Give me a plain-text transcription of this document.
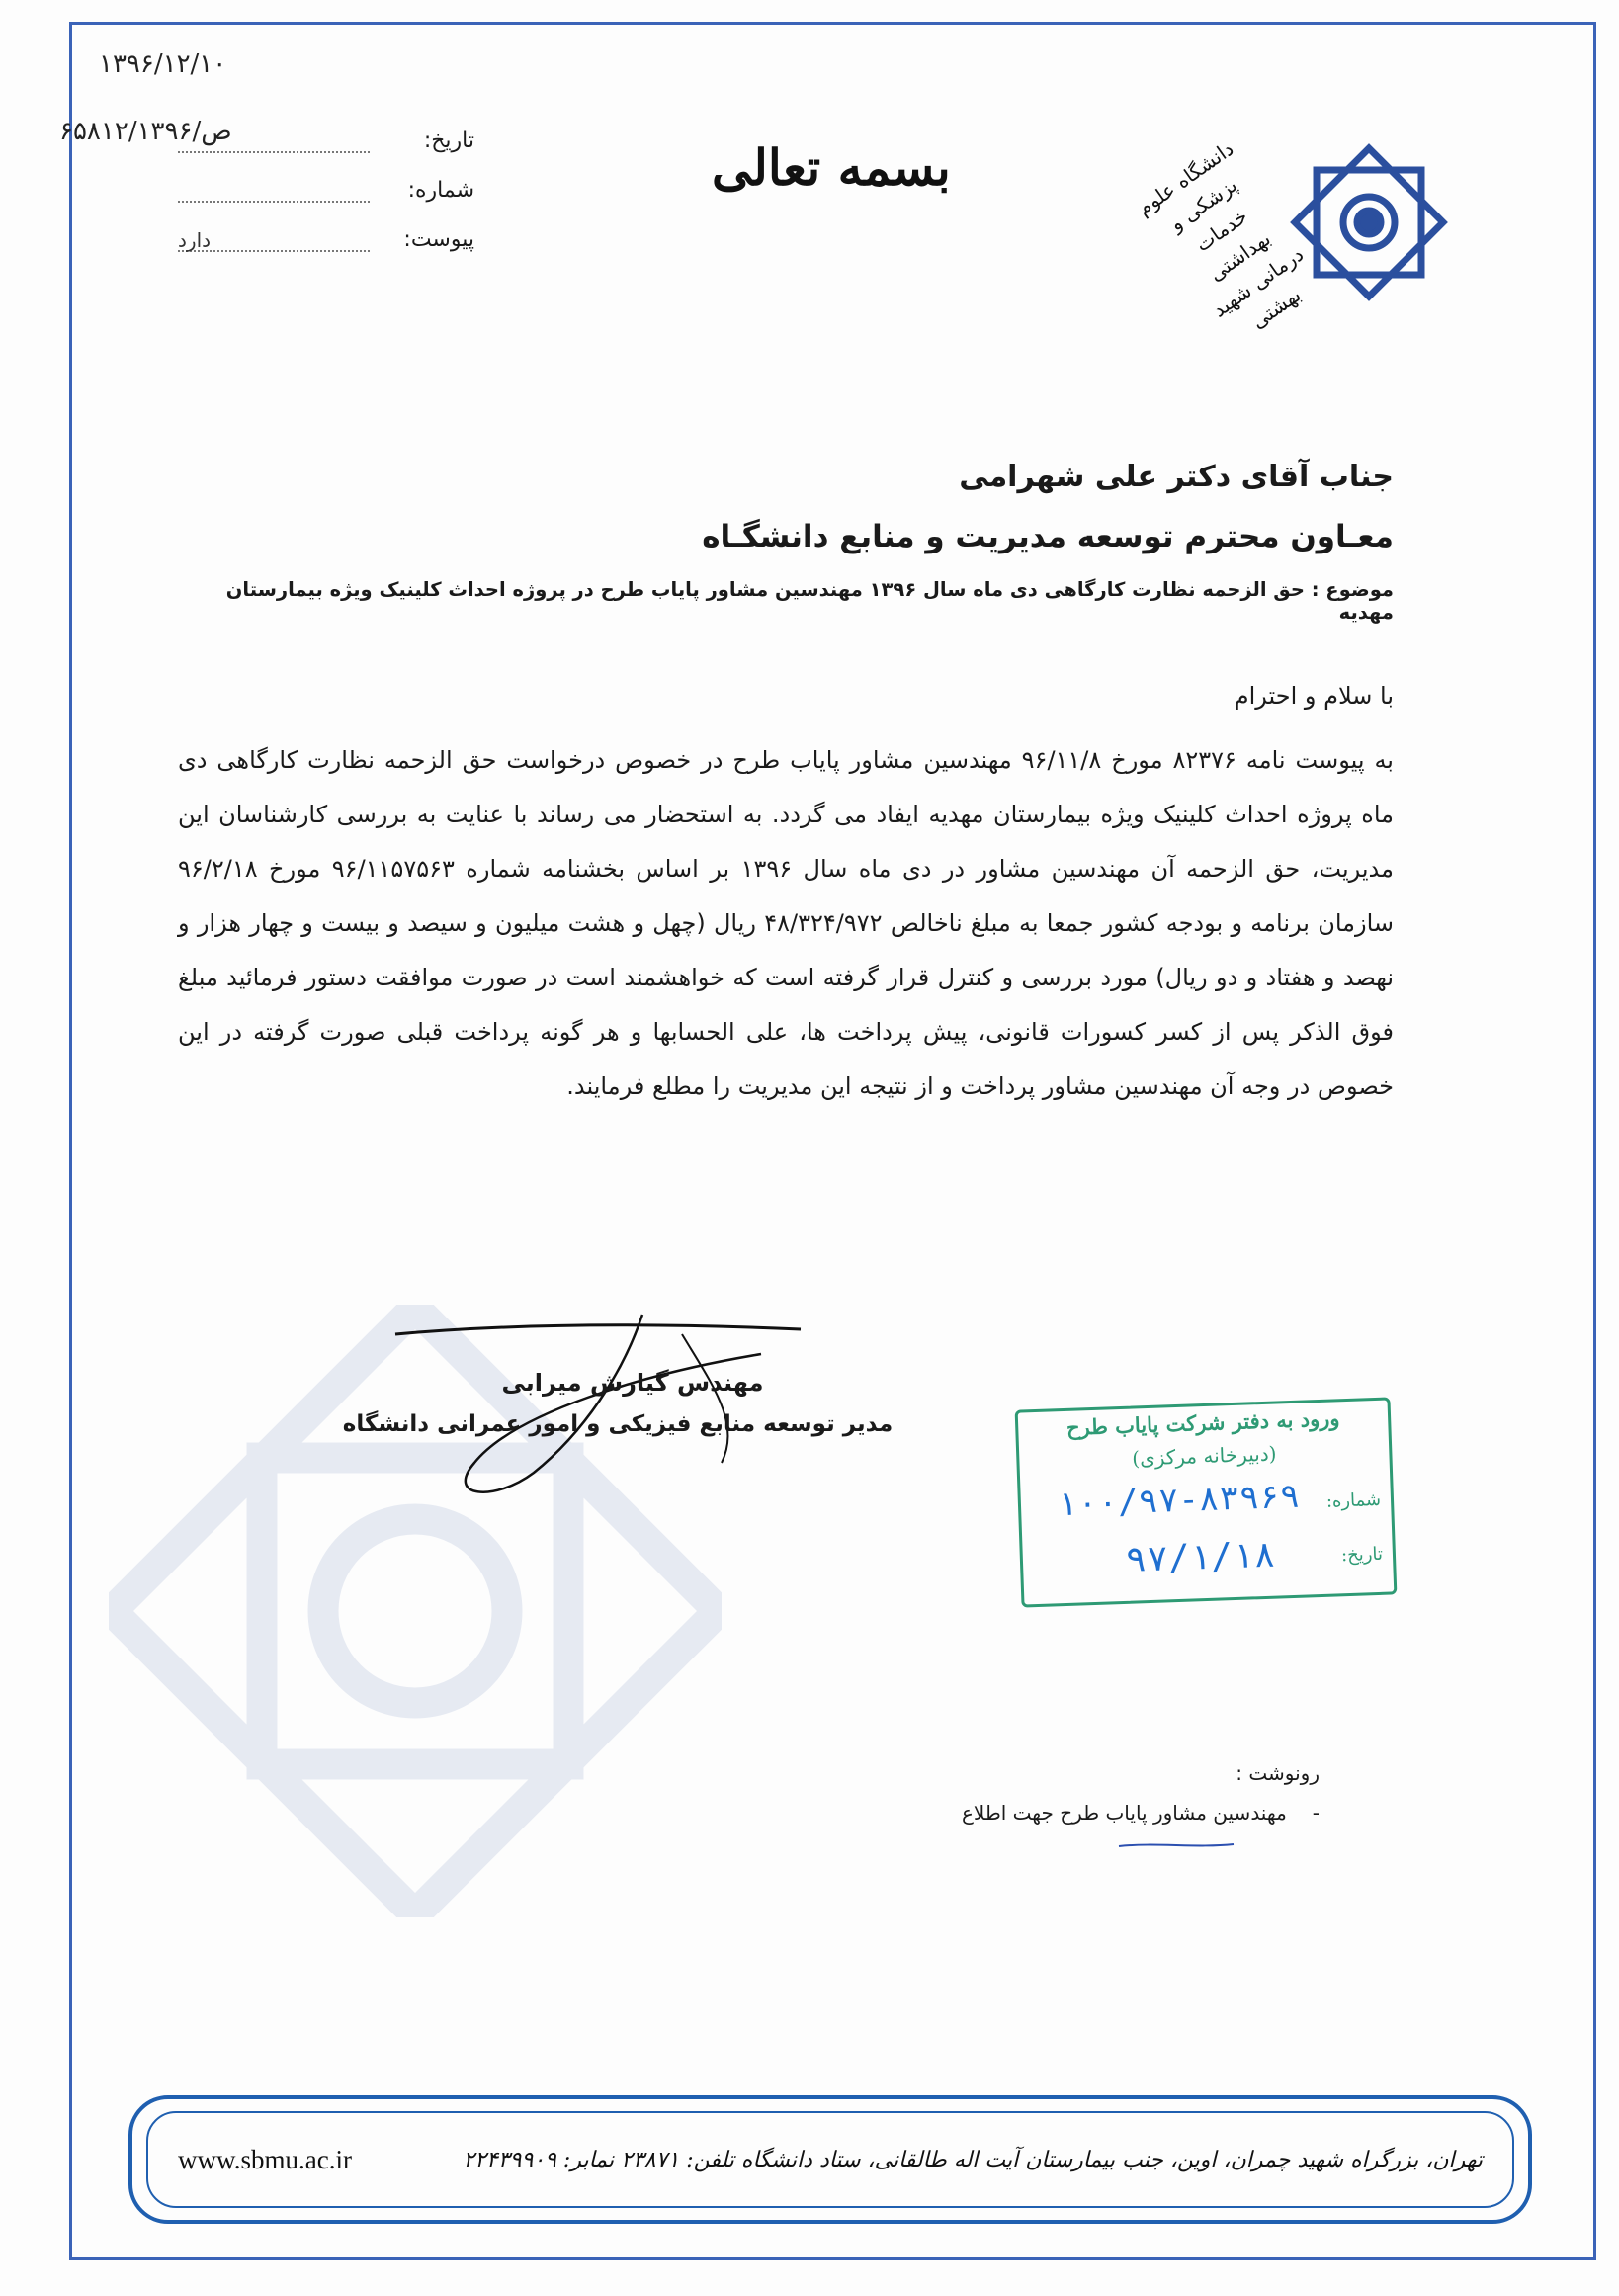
۱۳۹۶/۱۲/۱۰
۶۵۸۱۲/ص/۱۳۹۶	تاریخ:
شماره:
پیوست:
دارد
بسمه تعالی	دانشگاه علوم پزشکی و خدمات بهداشتی درمانی شهید بهشتی
جناب آقای دکتر علی شهرامی
معـاون محترم توسعه مدیریت و منابع دانشگـاه
موضوع : حق الزحمه نظارت کارگاهی دی ماه سال ۱۳۹۶ مهندسین مشاور پایاب طرح در پروژه احداث کلینیک ویژه بیمارستان مهدیه
با سلام و احترام
به پیوست نامه ۸۲۳۷۶ مورخ ۹۶/۱۱/۸ مهندسین مشاور پایاب طرح در خصوص درخواست حق الزحمه نظارت کارگاهی دی ماه پروژه احداث کلینیک ویژه بیمارستان مهدیه ایفاد می گردد. به استحضار می رساند با عنایت به بررسی کارشناسان این مدیریت، حق الزحمه آن مهندسین مشاور در دی ماه سال ۱۳۹۶ بر اساس بخشنامه شماره ۹۶/۱۱۵۷۵۶۳ مورخ ۹۶/۲/۱۸ سازمان برنامه و بودجه کشور جمعا به مبلغ ناخالص ۴۸/۳۲۴/۹۷۲ ریال (چهل و هشت میلیون و سیصد و بیست و چهار هزار و نهصد و هفتاد و دو ریال) مورد بررسی و کنترل قرار گرفته است که خواهشمند است در صورت موافقت دستور فرمائید مبلغ فوق الذکر پس از کسر کسورات قانونی، پیش پرداخت ها، علی الحسابها و هر گونه پرداخت قبلی صورت گرفته در این خصوص در وجه آن مهندسین مشاور پرداخت و از نتیجه این مدیریت را مطلع فرمایند.
مهندس گیارش میرابی
مدیر توسعه منابع فیزیکی و امور عمرانی دانشگاه	ورود به دفتر شرکت پایاب طرح
(دبیرخانه مرکزی)
شماره:
۱۰۰/۹۷-۸۳۹۶۹
تاریخ:
۹۷/۱/۱۸
رونوشت :
-مهندسین مشاور پایاب طرح جهت اطلاع
www.sbmu.ac.ir	تهران، بزرگراه شهید چمران، اوین، جنب بیمارستان آیت اله طالقانی، ستاد دانشگاه تلفن: ۲۳۸۷۱ نمابر: ۲۲۴۳۹۹۰۹
